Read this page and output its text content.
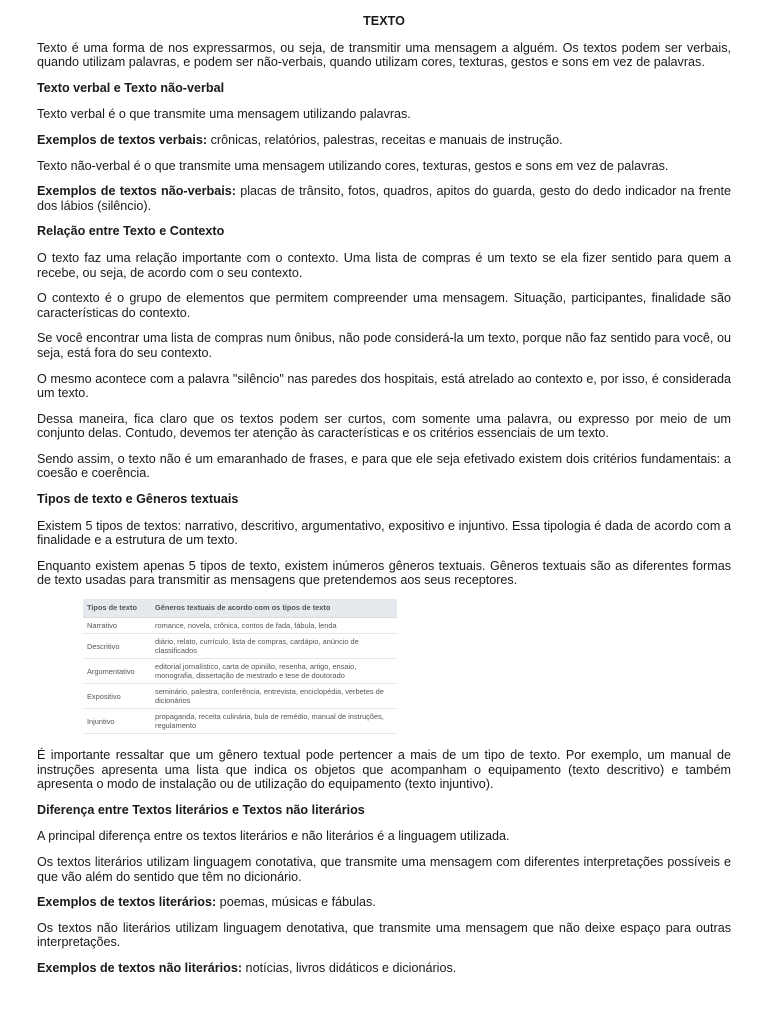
TEXTO
Texto é uma forma de nos expressarmos, ou seja, de transmitir uma mensagem a alguém. Os textos podem ser verbais, quando utilizam palavras, e podem ser não-verbais, quando utilizam cores, texturas, gestos e sons em vez de palavras.
Texto verbal e Texto não-verbal
Texto verbal é o que transmite uma mensagem utilizando palavras.
Exemplos de textos verbais: crônicas, relatórios, palestras, receitas e manuais de instrução.
Texto não-verbal é o que transmite uma mensagem utilizando cores, texturas, gestos e sons em vez de palavras.
Exemplos de textos não-verbais: placas de trânsito, fotos, quadros, apitos do guarda, gesto do dedo indicador na frente dos lábios (silêncio).
Relação entre Texto e Contexto
O texto faz uma relação importante com o contexto. Uma lista de compras é um texto se ela fizer sentido para quem a recebe, ou seja, de acordo com o seu contexto.
O contexto é o grupo de elementos que permitem compreender uma mensagem. Situação, participantes, finalidade são características do contexto.
Se você encontrar uma lista de compras num ônibus, não pode considerá-la um texto, porque não faz sentido para você, ou seja, está fora do seu contexto.
O mesmo acontece com a palavra "silêncio" nas paredes dos hospitais, está atrelado ao contexto e, por isso, é considerada um texto.
Dessa maneira, fica claro que os textos podem ser curtos, com somente uma palavra, ou expresso por meio de um conjunto delas. Contudo, devemos ter atenção às características e os critérios essenciais de um texto.
Sendo assim, o texto não é um emaranhado de frases, e para que ele seja efetivado existem dois critérios fundamentais: a coesão e coerência.
Tipos de texto e Gêneros textuais
Existem 5 tipos de textos: narrativo, descritivo, argumentativo, expositivo e injuntivo. Essa tipologia é dada de acordo com a finalidade e a estrutura de um texto.
Enquanto existem apenas 5 tipos de texto, existem inúmeros gêneros textuais. Gêneros textuais são as diferentes formas de texto usadas para transmitir as mensagens que pretendemos aos seus receptores.
Tipos de texto	Gêneros textuais de acordo com os tipos de texto
Narrativo	romance, novela, crônica, contos de fada, fábula, lenda
Descritivo	diário, relato, currículo, lista de compras, cardápio, anúncio de classificados
Argumentativo	editorial jornalístico, carta de opinião, resenha, artigo, ensaio, monografia, dissertação de mestrado e tese de doutorado
Expositivo	seminário, palestra, conferência, entrevista, enciclopédia, verbetes de dicionários
Injuntivo	propaganda, receita culinária, bula de remédio, manual de instruções, regulamento
É importante ressaltar que um gênero textual pode pertencer a mais de um tipo de texto. Por exemplo, um manual de instruções apresenta uma lista que indica os objetos que acompanham o equipamento (texto descritivo) e também apresenta o modo de instalação ou de utilização do equipamento (texto injuntivo).
Diferença entre Textos literários e Textos não literários
A principal diferença entre os textos literários e não literários é a linguagem utilizada.
Os textos literários utilizam linguagem conotativa, que transmite uma mensagem com diferentes interpretações possíveis e que vão além do sentido que têm no dicionário.
Exemplos de textos literários: poemas, músicas e fábulas.
Os textos não literários utilizam linguagem denotativa, que transmite uma mensagem que não deixe espaço para outras interpretações.
Exemplos de textos não literários: notícias, livros didáticos e dicionários.
